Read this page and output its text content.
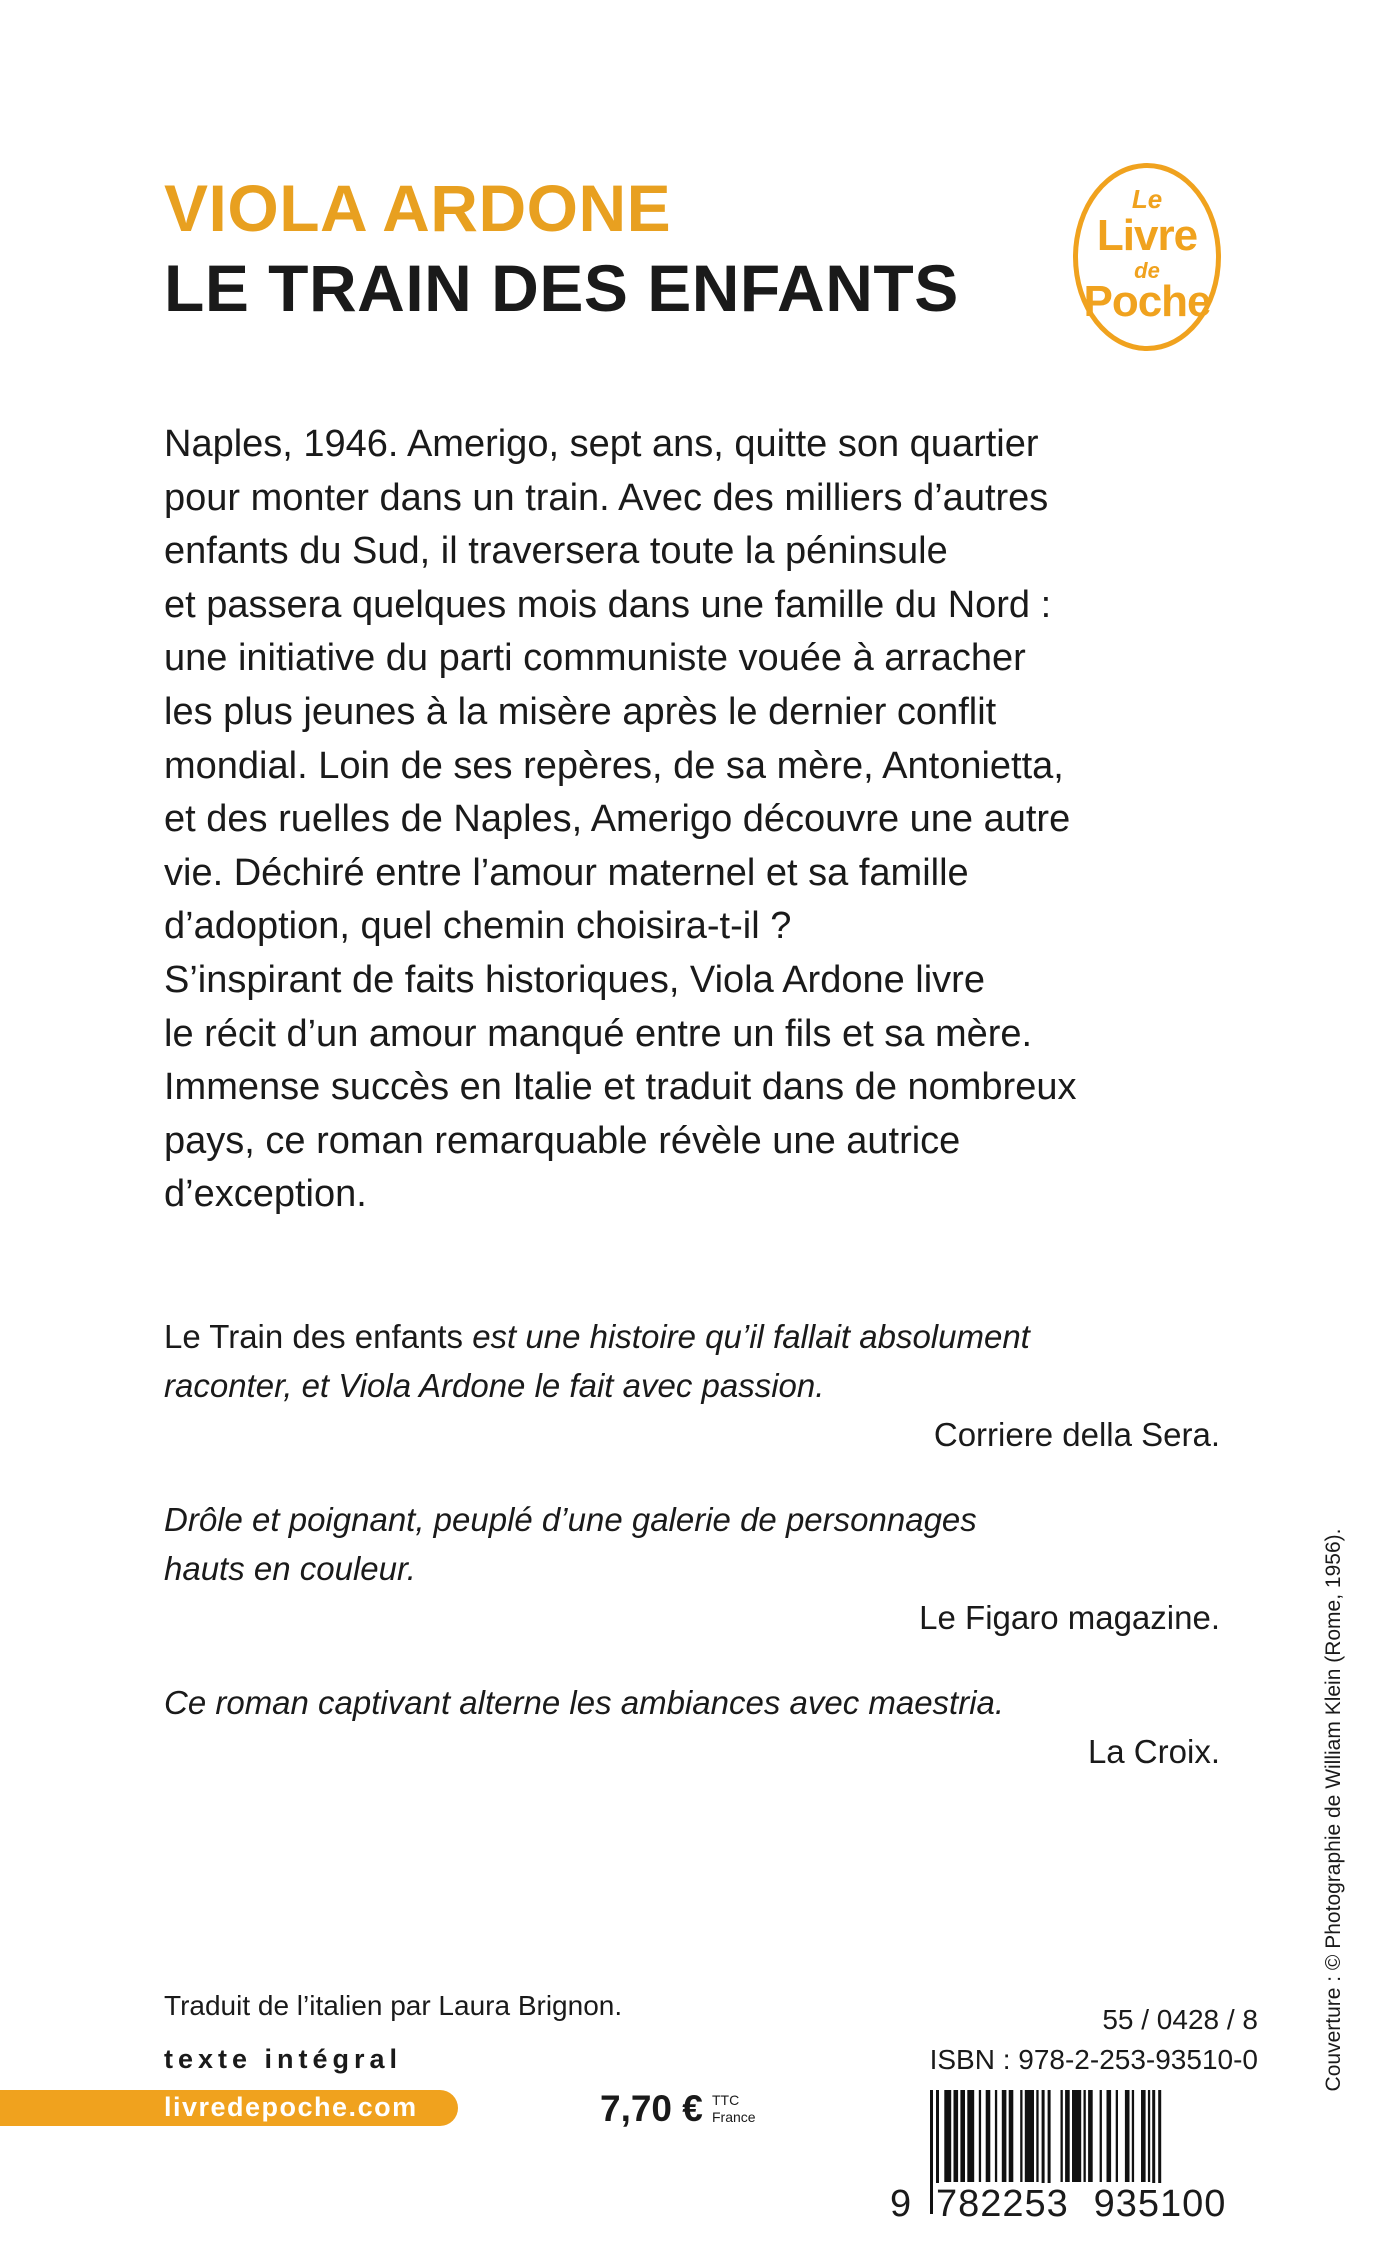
VIOLA ARDONE
LE TRAIN DES ENFANTS
Le
Livre
de
Poche
Naples, 1946. Amerigo, sept ans, quitte son quartier
pour monter dans un train. Avec des milliers d’autres
enfants du Sud, il traversera toute la péninsule
et passera quelques mois dans une famille du Nord :
une initiative du parti communiste vouée à arracher
les plus jeunes à la misère après le dernier conflit
mondial. Loin de ses repères, de sa mère, Antonietta,
et des ruelles de Naples, Amerigo découvre une autre
vie. Déchiré entre l’amour maternel et sa famille
d’adoption, quel chemin choisira-t-il ?
S’inspirant de faits historiques, Viola Ardone livre
le récit d’un amour manqué entre un fils et sa mère.
Immense succès en Italie et traduit dans de nombreux
pays, ce roman remarquable révèle une autrice
d’exception.
Le Train des enfants est une histoire qu’il fallait absolument
raconter, et Viola Ardone le fait avec passion.
Corriere della Sera.
Drôle et poignant, peuplé d’une galerie de personnages
hauts en couleur.
Le Figaro magazine.
Ce roman captivant alterne les ambiances avec maestria.
La Croix.	Couverture : © Photographie de William Klein (Rome, 1956).
Traduit de l’italien par Laura Brignon.
texte intégral
livredepoche.com	7,70 € TTC
France
55 / 0428 / 8
ISBN : 978-2-253-93510-0
9 782253 935100
